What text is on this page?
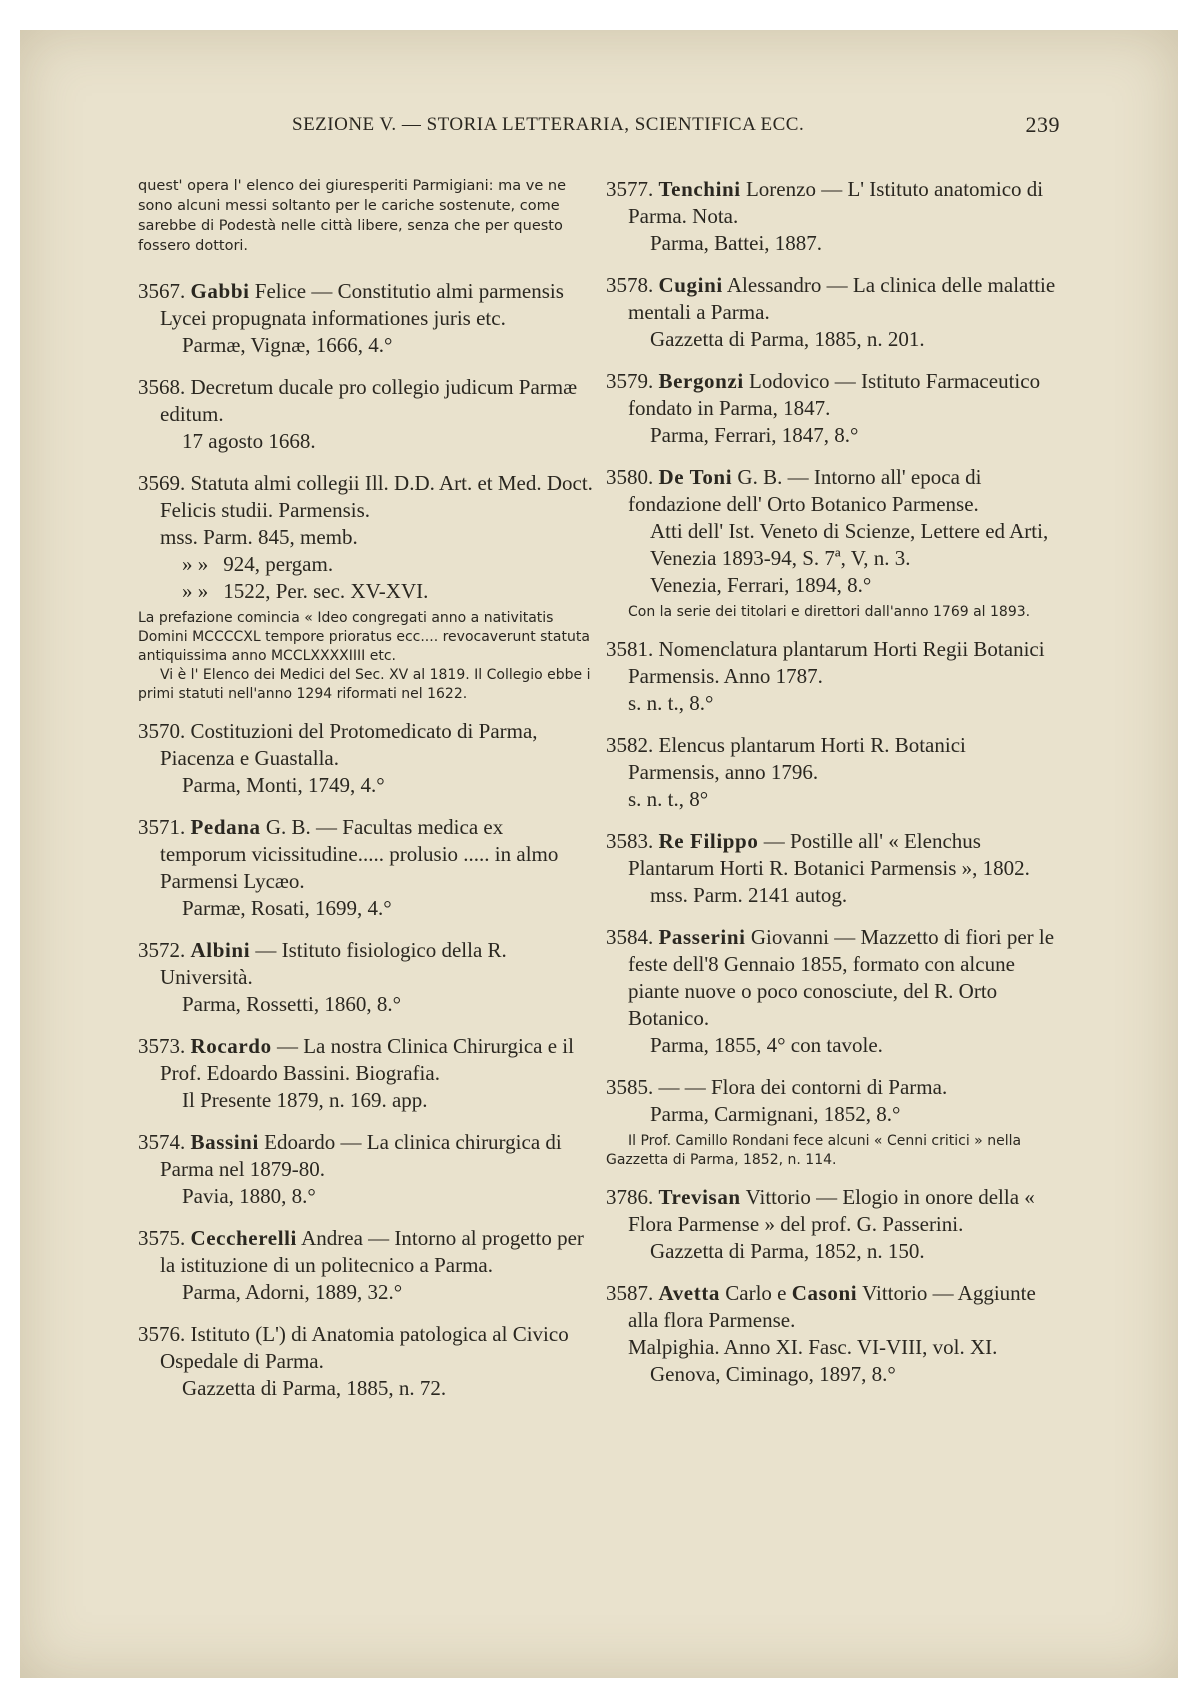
SEZIONE V. — STORIA LETTERARIA, SCIENTIFICA ECC.	239
quest' opera l' elenco dei giuresperiti Parmigiani: ma ve ne sono alcuni messi soltanto per le cariche sostenute, come sarebbe di Podestà nelle città libere, senza che per questo fossero dottori.
3567. Gabbi Felice — Constitutio almi parmensis Lycei propugnata informationes juris etc.
Parmæ, Vignæ, 1666, 4.°
3568. Decretum ducale pro collegio judicum Parmæ editum.
17 agosto 1668.
3569. Statuta almi collegii Ill. D.D. Art. et Med. Doct. Felicis studii. Parmensis.
mss. Parm. 845, memb.
» » 924, pergam.
» » 1522, Per. sec. XV-XVI.
La prefazione comincia « Ideo congregati anno a nativitatis Domini MCCCCXL tempore prioratus ecc.... revocaverunt statuta antiquissima anno MCCLXXXXIIII etc.
Vi è l' Elenco dei Medici del Sec. XV al 1819. Il Collegio ebbe i primi statuti nell'anno 1294 riformati nel 1622.
3570. Costituzioni del Protomedicato di Parma, Piacenza e Guastalla.
Parma, Monti, 1749, 4.°
3571. Pedana G. B. — Facultas medica ex temporum vicissitudine..... prolusio ..... in almo Parmensi Lycæo.
Parmæ, Rosati, 1699, 4.°
3572. Albini — Istituto fisiologico della R. Università.
Parma, Rossetti, 1860, 8.°
3573. Rocardo — La nostra Clinica Chirurgica e il Prof. Edoardo Bassini. Biografia.
Il Presente 1879, n. 169. app.
3574. Bassini Edoardo — La clinica chirurgica di Parma nel 1879-80.
Pavia, 1880, 8.°
3575. Ceccherelli Andrea — Intorno al progetto per la istituzione di un politecnico a Parma.
Parma, Adorni, 1889, 32.°
3576. Istituto (L') di Anatomia patologica al Civico Ospedale di Parma.
Gazzetta di Parma, 1885, n. 72.
3577. Tenchini Lorenzo — L' Istituto anatomico di Parma. Nota.
Parma, Battei, 1887.
3578. Cugini Alessandro — La clinica delle malattie mentali a Parma.
Gazzetta di Parma, 1885, n. 201.
3579. Bergonzi Lodovico — Istituto Farmaceutico fondato in Parma, 1847.
Parma, Ferrari, 1847, 8.°
3580. De Toni G. B. — Intorno all' epoca di fondazione dell' Orto Botanico Parmense.
Atti dell' Ist. Veneto di Scienze, Lettere ed Arti, Venezia 1893-94, S. 7ª, V, n. 3.
Venezia, Ferrari, 1894, 8.°
Con la serie dei titolari e direttori dall'anno 1769 al 1893.
3581. Nomenclatura plantarum Horti Regii Botanici Parmensis. Anno 1787.
s. n. t., 8.°
3582. Elencus plantarum Horti R. Botanici Parmensis, anno 1796.
s. n. t., 8°
3583. Re Filippo — Postille all' « Elenchus Plantarum Horti R. Botanici Parmensis », 1802.
mss. Parm. 2141 autog.
3584. Passerini Giovanni — Mazzetto di fiori per le feste dell'8 Gennaio 1855, formato con alcune piante nuove o poco conosciute, del R. Orto Botanico.
Parma, 1855, 4° con tavole.
3585. — — Flora dei contorni di Parma.
Parma, Carmignani, 1852, 8.°
Il Prof. Camillo Rondani fece alcuni « Cenni critici » nella Gazzetta di Parma, 1852, n. 114.
3786. Trevisan Vittorio — Elogio in onore della « Flora Parmense » del prof. G. Passerini.
Gazzetta di Parma, 1852, n. 150.
3587. Avetta Carlo e Casoni Vittorio — Aggiunte alla flora Parmense.
Malpighia. Anno XI. Fasc. VI-VIII, vol. XI.
Genova, Ciminago, 1897, 8.°
